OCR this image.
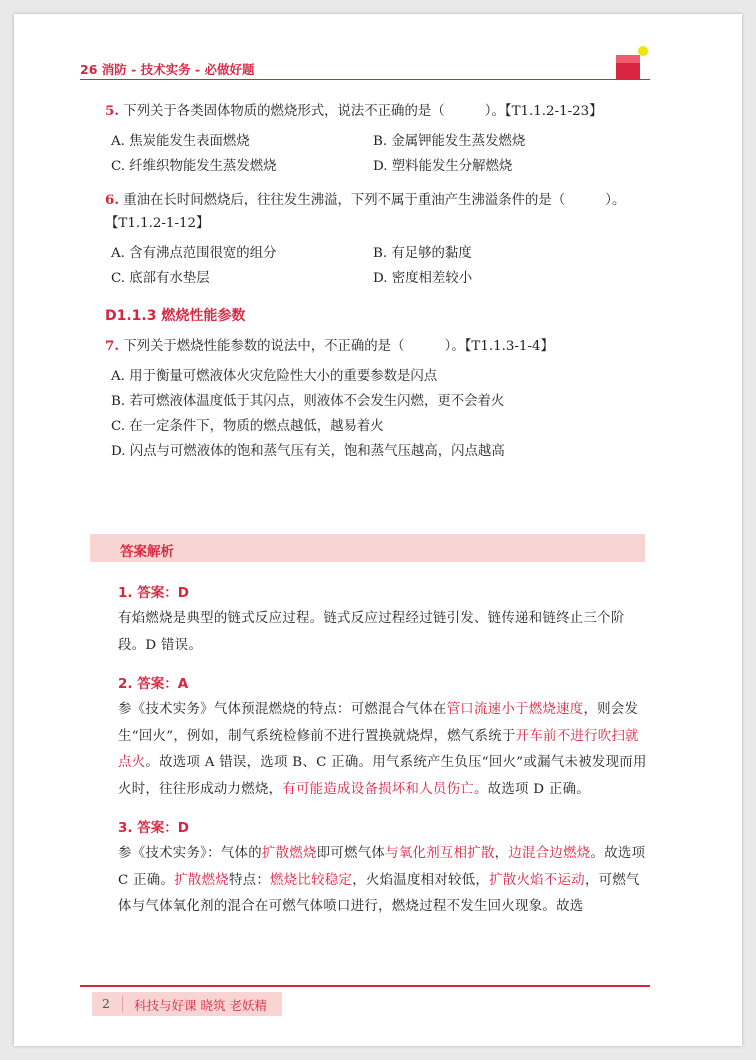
26 消防 - 技术实务 - 必做好题

5. 下列关于各类固体物质的燃烧形式，说法不正确的是（　　　）。【T1.1.2-1-23】

A. 焦炭能发生表面燃烧	B. 金属钾能发生蒸发燃烧
C. 纤维织物能发生蒸发燃烧	D. 塑料能发生分解燃烧

6. 重油在长时间燃烧后，往往发生沸溢，下列不属于重油产生沸溢条件的是（　　　）。【T1.1.2-1-12】

A. 含有沸点范围很宽的组分	B. 有足够的黏度
C. 底部有水垫层	D. 密度相差较小
D1.1.3 燃烧性能参数

7. 下列关于燃烧性能参数的说法中，不正确的是（　　　）。【T1.1.3-1-4】

A. 用于衡量可燃液体火灾危险性大小的重要参数是闪点
B. 若可燃液体温度低于其闪点，则液体不会发生闪燃，更不会着火
C. 在一定条件下，物质的燃点越低，越易着火
D. 闪点与可燃液体的饱和蒸气压有关，饱和蒸气压越高，闪点越高
答案解析
1. 答案：D

有焰燃烧是典型的链式反应过程。链式反应过程经过链引发、链传递和链终止三个阶段。D 错误。

2. 答案：A

参《技术实务》气体预混燃烧的特点：可燃混合气体在管口流速小于燃烧速度，则会发生“回火”，例如，制气系统检修前不进行置换就烧焊，燃气系统于开车前不进行吹扫就点火。故选项 A 错误，选项 B、C 正确。用气系统产生负压“回火”或漏气未被发现而用火时，往往形成动力燃烧，有可能造成设备损坏和人员伤亡。故选项 D 正确。

3. 答案：D

参《技术实务》：气体的扩散燃烧即可燃气体与氧化剂互相扩散，边混合边燃烧。故选项 C 正确。扩散燃烧特点：燃烧比较稳定，火焰温度相对较低，扩散火焰不运动，可燃气体与气体氧化剂的混合在可燃气体喷口进行，燃烧过程不发生回火现象。故选

2 科技与好课 晓筑 老妖精
